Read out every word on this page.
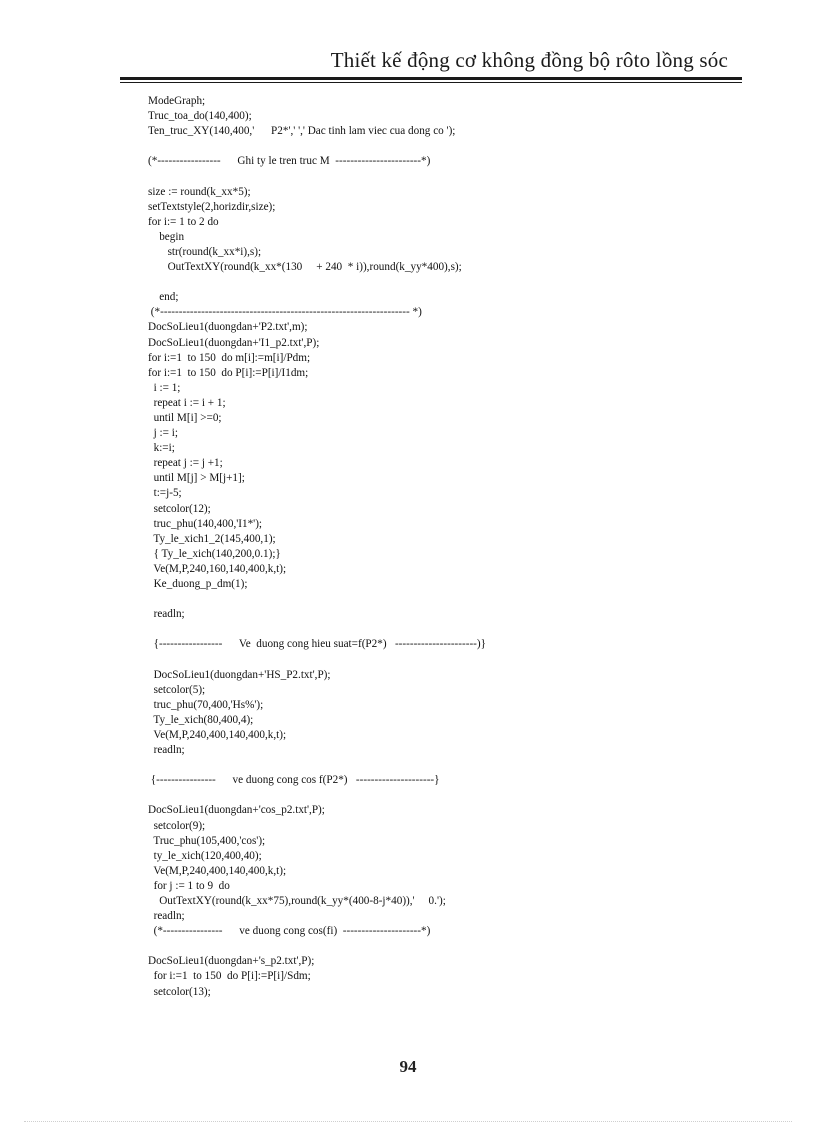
Thiết kế động cơ không đồng bộ rôto lồng sóc
ModeGraph;
Truc_toa_do(140,400);
Ten_truc_XY(140,400,'      P2*',' ',' Dac tinh lam viec cua dong co ');
(*-----------------      Ghi ty le tren truc M  -----------------------*)
size := round(k_xx*5);
setTextstyle(2,horizdir,size);
for i:= 1 to 2 do
begin
str(round(k_xx*i),s);
OutTextXY(round(k_xx*(130     + 240  * i)),round(k_yy*400),s);
end;
(*------------------------------------------------------------------- *)
DocSoLieu1(duongdan+'P2.txt',m);
DocSoLieu1(duongdan+'I1_p2.txt',P);
for i:=1  to 150  do m[i]:=m[i]/Pdm;
for i:=1  to 150  do P[i]:=P[i]/I1dm;
i := 1;
repeat i := i + 1;
until M[i] >=0;
j := i;
k:=i;
repeat j := j +1;
until M[j] > M[j+1];
t:=j-5;
setcolor(12);
truc_phu(140,400,'I1*');
Ty_le_xich1_2(145,400,1);
{ Ty_le_xich(140,200,0.1);}
Ve(M,P,240,160,140,400,k,t);
Ke_duong_p_dm(1);
readln;
{-----------------      Ve  duong cong hieu suat=f(P2*)   ----------------------)}
DocSoLieu1(duongdan+'HS_P2.txt',P);
setcolor(5);
truc_phu(70,400,'Hs%');
Ty_le_xich(80,400,4);
Ve(M,P,240,400,140,400,k,t);
readln;
{----------------      ve duong cong cos f(P2*)   ---------------------}
DocSoLieu1(duongdan+'cos_p2.txt',P);
setcolor(9);
Truc_phu(105,400,'cos');
ty_le_xich(120,400,40);
Ve(M,P,240,400,140,400,k,t);
for j := 1 to 9  do
OutTextXY(round(k_xx*75),round(k_yy*(400-8-j*40)),'     0.');
readln;
(*----------------      ve duong cong cos(fi)  ---------------------*)
DocSoLieu1(duongdan+'s_p2.txt',P);
for i:=1  to 150  do P[i]:=P[i]/Sdm;
setcolor(13);
94
